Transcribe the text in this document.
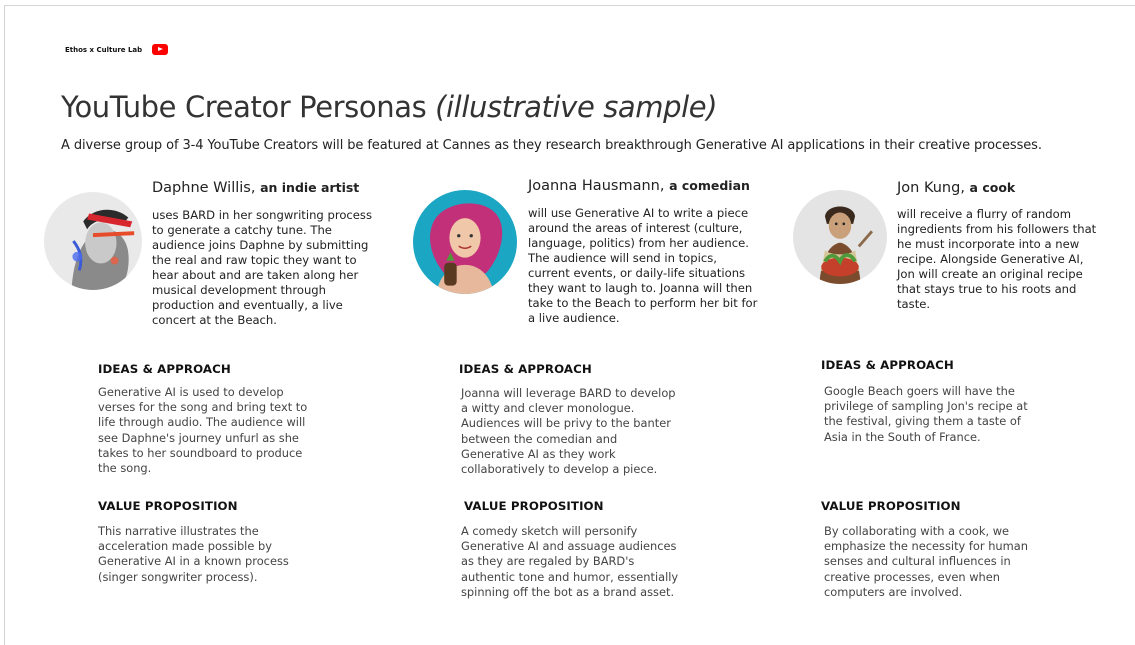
Ethos x Culture Lab
YouTube Creator Personas (illustrative sample)

A diverse group of 3-4 YouTube Creators will be featured at Cannes as they research breakthrough Generative AI applications in their creative processes.

Daphne Willis, an indie artist

uses BARD in her songwriting process to generate a catchy tune. The audience joins Daphne by submitting the real and raw topic they want to hear about and are taken along her musical development through production and eventually, a live concert at the Beach.

Joanna Hausmann, a comedian

will use Generative AI to write a piece around the areas of interest (culture, language, politics) from her audience. The audience will send in topics, current events, or daily-life situations they want to laugh to. Joanna will then take to the Beach to perform her bit for a live audience.

Jon Kung, a cook

will receive a flurry of random ingredients from his followers that he must incorporate into a new recipe. Alongside Generative AI, Jon will create an original recipe that stays true to his roots and taste.

IDEAS & APPROACH

Generative AI is used to develop verses for the song and bring text to life through audio. The audience will see Daphne's journey unfurl as she takes to her soundboard to produce the song.

IDEAS & APPROACH

Joanna will leverage BARD to develop a witty and clever monologue. Audiences will be privy to the banter between the comedian and Generative AI as they work collaboratively to develop a piece.

IDEAS & APPROACH

Google Beach goers will have the privilege of sampling Jon's recipe at the festival, giving them a taste of Asia in the South of France.

VALUE PROPOSITION

This narrative illustrates the acceleration made possible by Generative AI in a known process (singer songwriter process).

VALUE PROPOSITION

A comedy sketch will personify Generative AI and assuage audiences as they are regaled by BARD's authentic tone and humor, essentially spinning off the bot as a brand asset.

VALUE PROPOSITION

By collaborating with a cook, we emphasize the necessity for human senses and cultural influences in creative processes, even when computers are involved.
